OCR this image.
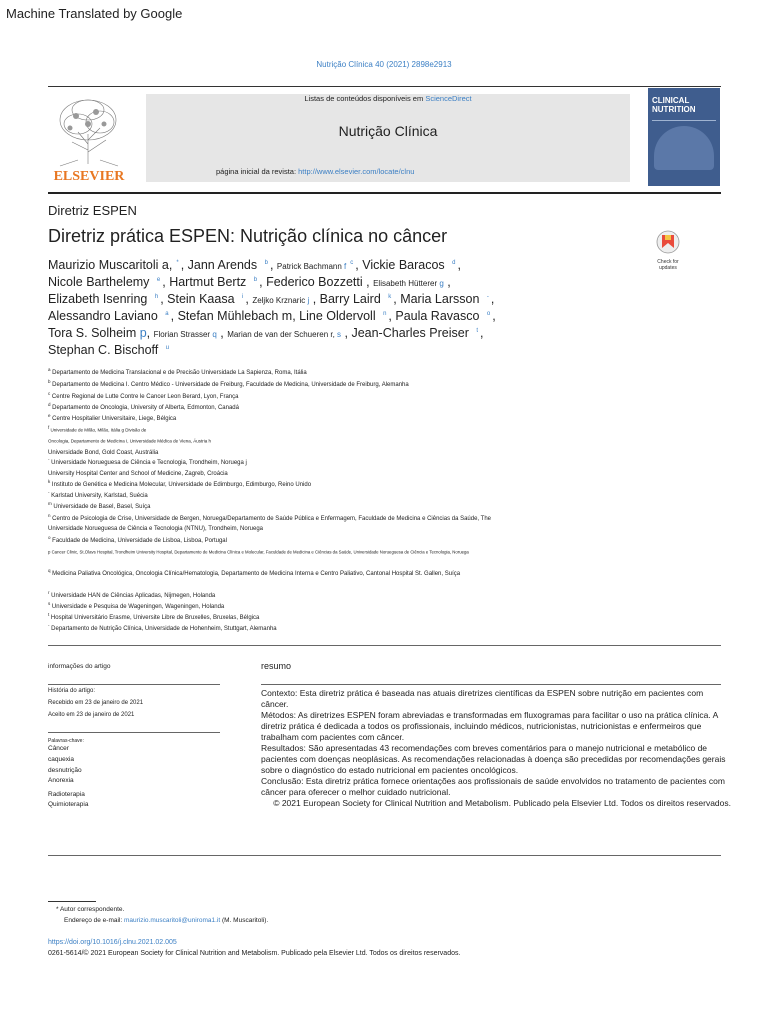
Machine Translated by Google
Nutrição Clínica 40 (2021) 2898e2913
ELSEVIER
Listas de conteúdos disponíveis em ScienceDirect
Nutrição Clínica
página inicial da revista: http://www.elsevier.com/locate/clnu
CLINICAL NUTRITION
Diretriz ESPEN
Diretriz prática ESPEN: Nutrição clínica no câncer
Check for updates
Maurizio Muscaritoli a, * , Jann Arends $^b$ , Patrick Bachmann f $^c$ , Vickie Baracos $^d$ ,
Nicole Barthelemy $^e$ , Hartmut Bertz $^b$ , Federico Bozzetti , Elisabeth Hütterer g ,
Elizabeth Isenring $^h$ , Stein Kaasa $^i$ , Zeljko Krznaric j , Barry Laird $^k$ , Maria Larsson - ,
Alessandro Laviano $^a$ , Stefan Mühlebach m, Line Oldervoll $^n$ , Paula Ravasco $^o$ ,
Tora S. Solheim p, Florian Strasser q , Marian de van der Schueren r, s , Jean-Charles Preiser $^t$ ,
Stephan C. Bischoff $^u$
$^a$ Departamento de Medicina Translacional e de Precisão Universidade La Sapienza, Roma, Itália
$^b$ Departamento de Medicina I. Centro Médico - Universidade de Freiburg, Faculdade de Medicina, Universidade de Freiburg, Alemanha
$^c$ Centre Regional de Lutte Contre le Cancer Leon Berard, Lyon, França
$^d$ Departamento de Oncologia, University of Alberta, Edmonton, Canadá
$^e$ Centre Hospitalier Universitaire, Liege, Bélgica
f Universidade de Milão, Milão, Itália g Divisão de
Oncologia, Departamento de Medicina I, Universidade Médica de Viena, Áustria h
Universidade Bond, Gold Coast, Austrália
- Universidade Norueguesa de Ciência e Tecnologia, Trondheim, Noruega j
University Hospital Center and School of Medicine, Zagreb, Croácia
$^k$ Instituto de Genética e Medicina Molecular, Universidade de Edimburgo, Edimburgo, Reino Unido
- Karlstad University, Karlstad, Suécia
$^m$ Universidade de Basel, Basel, Suíça
$^n$ Centro de Psicologia de Crise, Universidade de Bergen, Noruega/Departamento de Saúde Pública e Enfermagem, Faculdade de Medicina e Ciências da Saúde, The
Universidade Norueguesa de Ciência e Tecnologia (NTNU), Trondheim, Noruega
$^o$ Faculdade de Medicina, Universidade de Lisboa, Lisboa, Portugal
p Cancer Clinic, St.Olavs Hospital, Trondheim University Hospital, Departamento de Medicina Clínica e Molecular, Faculdade de Medicina e Ciências da Saúde, Universidade Norueguesa de Ciência e Tecnologia, Noruega
$^q$ Medicina Paliativa Oncológica, Oncologia Clínica/Hematologia, Departamento de Medicina Interna e Centro Paliativo, Cantonal Hospital St. Gallen, Suíça
$^r$ Universidade HAN de Ciências Aplicadas, Nijmegen, Holanda
$^s$ Universidade e Pesquisa de Wageningen, Wageningen, Holanda
$^t$ Hospital Universitário Erasme, Universite Libre de Bruxelles, Bruxelas, Bélgica
- Departamento de Nutrição Clínica, Universidade de Hohenheim, Stuttgart, Alemanha
informações do artigo	resumo
História do artigo:
Recebido em 23 de janeiro de 2021
Aceito em 23 de janeiro de 2021
Palavras-chave:
Câncer
caquexia
desnutrição
Anorexia
Radioterapia
Quimioterapia
Contexto: Esta diretriz prática é baseada nas atuais diretrizes científicas da ESPEN sobre nutrição em pacientes com câncer.
Métodos: As diretrizes ESPEN foram abreviadas e transformadas em fluxogramas para facilitar o uso na prática clínica. A diretriz prática é dedicada a todos os profissionais, incluindo médicos, nutricionistas, nutricionistas e enfermeiros que trabalham com pacientes com câncer.
Resultados: São apresentadas 43 recomendações com breves comentários para o manejo nutricional e metabólico de pacientes com doenças neoplásicas. As recomendações relacionadas à doença são precedidas por recomendações gerais sobre o diagnóstico do estado nutricional em pacientes oncológicos.
Conclusão: Esta diretriz prática fornece orientações aos profissionais de saúde envolvidos no tratamento de pacientes com câncer para oferecer o melhor cuidado nutricional.
© 2021 European Society for Clinical Nutrition and Metabolism. Publicado pela Elsevier Ltd. Todos os direitos reservados.
* Autor correspondente.
Endereço de e-mail: maurizio.muscaritoli@uniroma1.it (M. Muscaritoli).
https://doi.org/10.1016/j.clnu.2021.02.005
0261-5614/© 2021 European Society for Clinical Nutrition and Metabolism. Publicado pela Elsevier Ltd. Todos os direitos reservados.
